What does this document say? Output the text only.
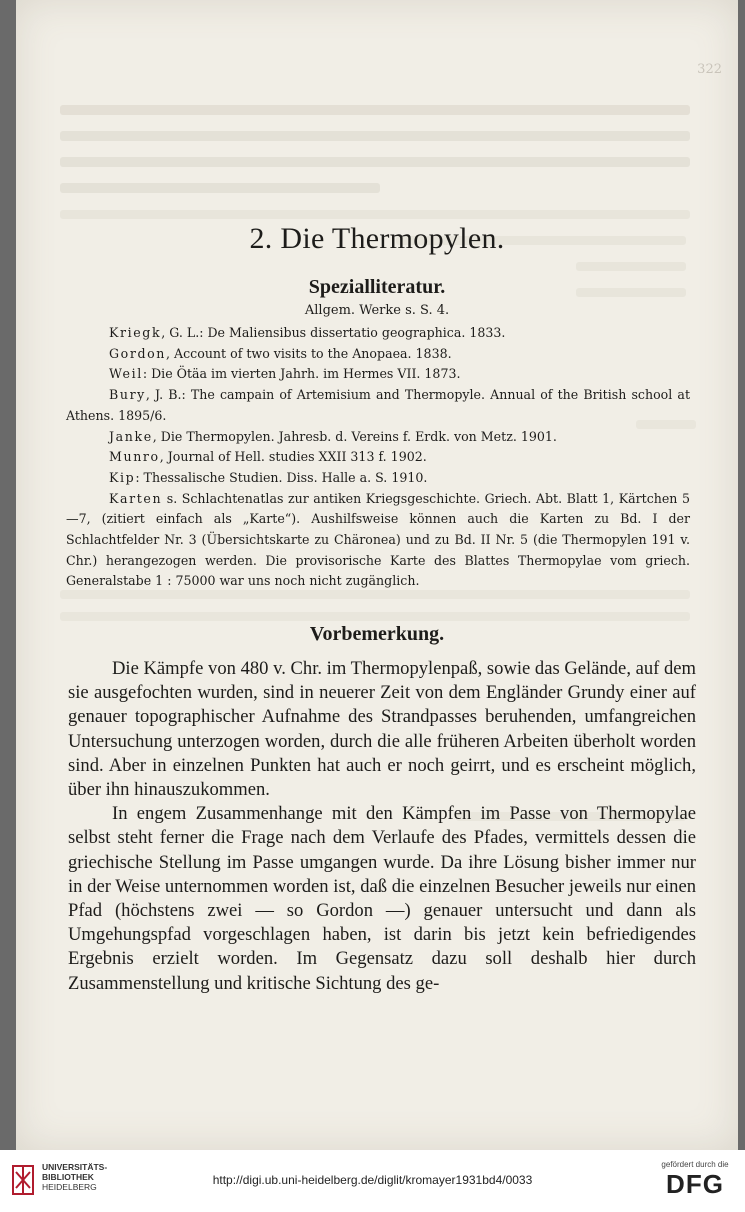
322
2. Die Thermopylen.
Spezialliteratur.
Allgem. Werke s. S. 4.

Kriegk, G. L.: De Maliensibus dissertatio geographica. 1833.

Gordon, Account of two visits to the Anopaea. 1838.

Weil: Die Ötäa im vierten Jahrh. im Hermes VII. 1873.

Bury, J. B.: The campain of Artemisium and Thermopyle. Annual of the British school at Athens. 1895/6.

Janke, Die Thermopylen. Jahresb. d. Vereins f. Erdk. von Metz. 1901.

Munro, Journal of Hell. studies XXII 313 f. 1902.

Kip: Thessalische Studien. Diss. Halle a. S. 1910.

Karten s. Schlachtenatlas zur antiken Kriegsgeschichte. Griech. Abt. Blatt 1, Kärtchen 5—7, (zitiert einfach als „Karte“). Aushilfsweise können auch die Karten zu Bd. I der Schlachtfelder Nr. 3 (Übersichtskarte zu Chäronea) und zu Bd. II Nr. 5 (die Thermopylen 191 v. Chr.) herangezogen werden. Die provisorische Karte des Blattes Thermopylae vom griech. Generalstabe 1 : 75000 war uns noch nicht zugänglich.

Vorbemerkung.

Die Kämpfe von 480 v. Chr. im Thermopylenpaß, sowie das Gelände, auf dem sie ausgefochten wurden, sind in neuerer Zeit von dem Engländer Grundy einer auf genauer topographischer Aufnahme des Strandpasses beruhenden, umfangreichen Untersuchung unterzogen worden, durch die alle früheren Arbeiten überholt worden sind. Aber in einzelnen Punkten hat auch er noch geirrt, und es erscheint möglich, über ihn hinauszukommen.

In engem Zusammenhange mit den Kämpfen im Passe von Thermopylae selbst steht ferner die Frage nach dem Verlaufe des Pfades, vermittels dessen die griechische Stellung im Passe umgangen wurde. Da ihre Lösung bisher immer nur in der Weise unternommen worden ist, daß die einzelnen Besucher jeweils nur einen Pfad (höchstens zwei — so Gordon —) genauer untersucht und dann als Umgehungspfad vorgeschlagen haben, ist darin bis jetzt kein befriedigendes Ergebnis erzielt worden. Im Gegensatz dazu soll deshalb hier durch Zusammenstellung und kritische Sichtung des ge-

UNIVERSITÄTS-
BIBLIOTHEK
HEIDELBERG	http://digi.ub.uni-heidelberg.de/diglit/kromayer1931bd4/0033
gefördert durch die
DFG
